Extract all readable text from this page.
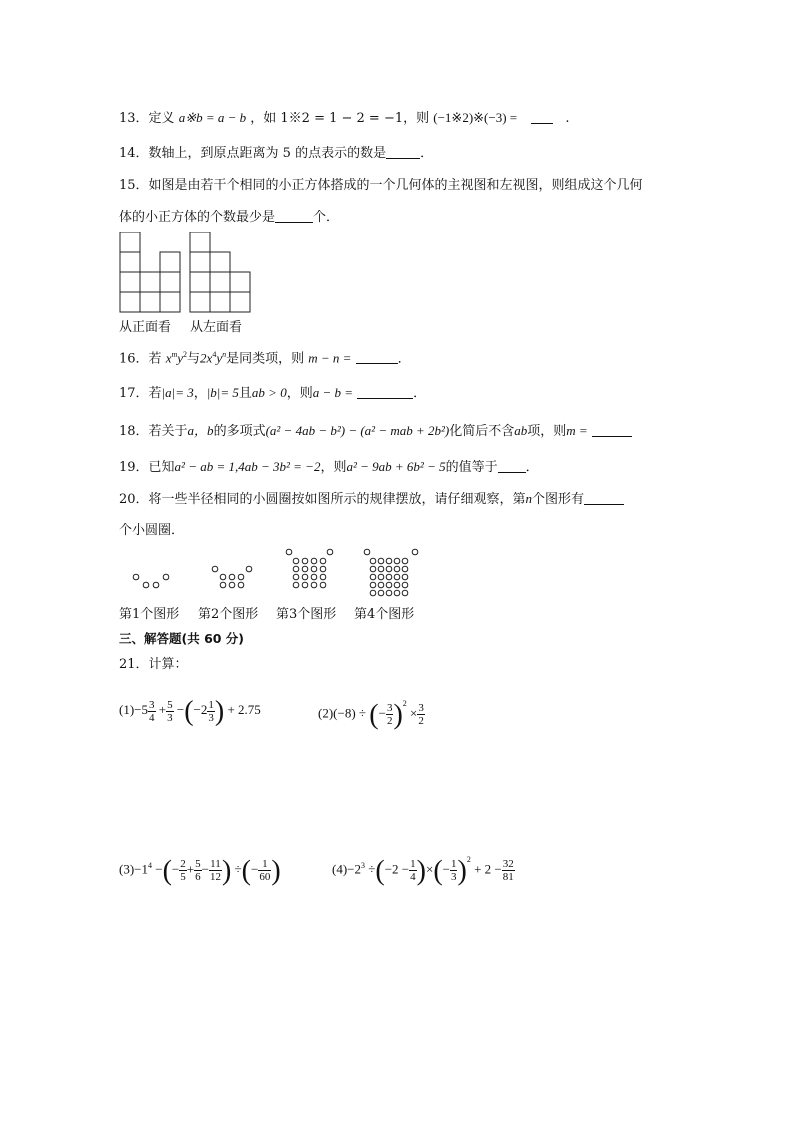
13．定义 a※b = a − b ，如 1※2 = 1 − 2 = −1，则 (−1※2)※(−3) =	.
14．数轴上，到原点距离为 5 的点表示的数是	．
15．如图是由若干个相同的小正方体搭成的一个几何体的主视图和左视图，则组成这个几何
体的小正方体的个数最少是	个．
从正面看 从左面看
16．若 $x^my^2$与$2x^4y^n$是同类项，则 m − n =	．
17．若|a|= 3，|b|= 5且ab > 0，则a − b =	．
18．若关于a，b的多项式(a² − 4ab − b²) − (a² − mab + 2b²)化简后不含ab项，则m =
19．已知a² − ab = 1,4ab − 3b² = −2，则a² − 9ab + 6b² − 5的值等于 ．
20．将一些半径相同的小圆圈按如图所示的规律摆放，请仔细观察，第n个图形有
个小圆圈．
第1个图形 第2个图形 第3个图形 第4个图形
三、解答题(共 60 分)
21．计算：
$(1)-5 \frac{3}{4} + \frac{5}{3} -(-2 \frac{1}{3}$ ) + 2.75	(2)(−8) ÷ (− $\frac{3}{2} )^2 \times \frac{3}{2}$
$(3)-1^4$ −(− $\frac{2}{5} + \frac{5}{6} - \frac{11}{12}$ ) ÷(− $\frac{1}{60}$ )	$(4)-2^3 \div(-2 - \frac{1}{4}$ )×(− $\frac{1}{3} )^2 + 2 - \frac{32}{81}$
